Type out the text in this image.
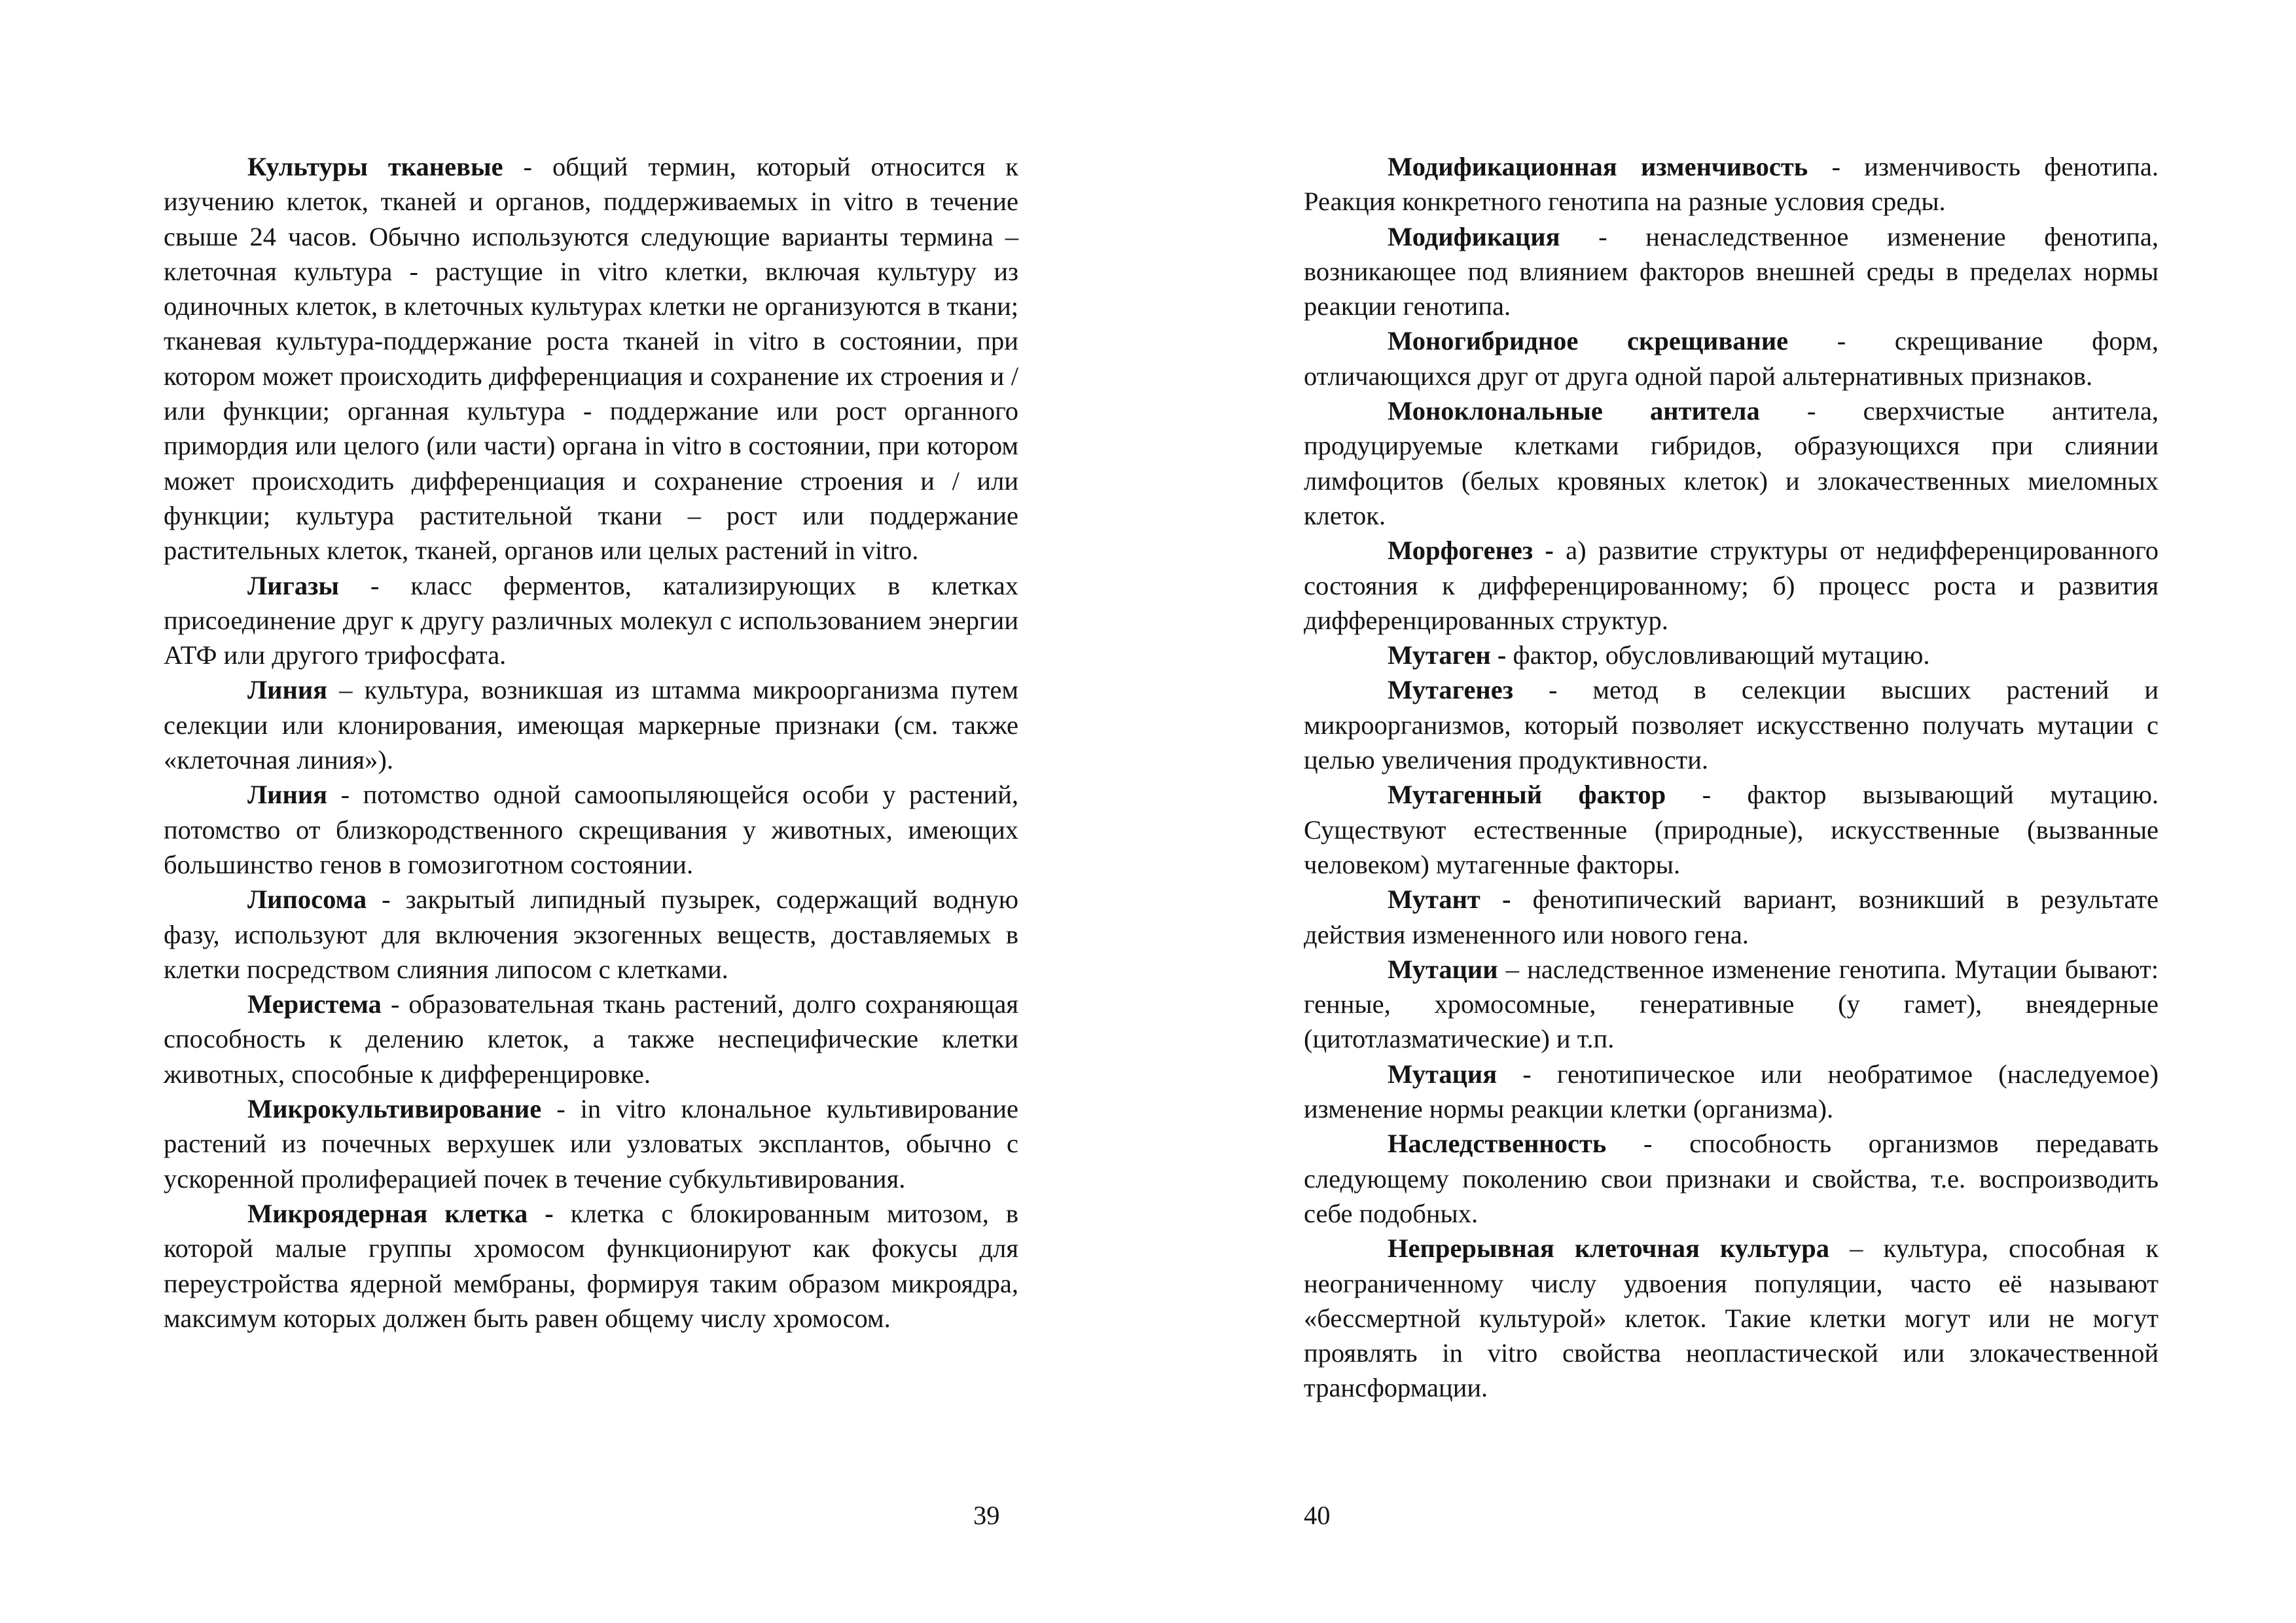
Культуры тканевые - общий термин, который относится к изучению клеток, тканей и органов, поддерживаемых in vitro в течение свыше 24 часов. Обычно используются следующие варианты термина – клеточная культура - растущие in vitro клетки, включая культуру из одиночных клеток, в клеточных культурах клетки не организуются в ткани; тканевая культура-поддержание роста тканей in vitro в состоянии, при котором может происходить дифференциация и сохранение их строения и / или функции; органная культура - поддержание или рост органного примордия или целого (или части) органа in vitro в состоянии, при котором может происходить дифференциация и сохранение строения и / или функции; культура растительной ткани – рост или поддержание растительных клеток, тканей, органов или целых растений in vitro.

Лигазы - класс ферментов, катализирующих в клетках присоединение друг к другу различных молекул с использованием энергии АТФ или другого трифосфата.

Линия – культура, возникшая из штамма микроорганизма путем селекции или клонирования, имеющая маркерные признаки (см. также «клеточная линия»).

Линия - потомство одной самоопыляющейся особи у растений, потомство от близкородственного скрещивания у животных, имеющих большинство генов в гомозиготном состоянии.

Липосома - закрытый липидный пузырек, содержащий водную фазу, используют для включения экзогенных веществ, доставляемых в клетки посредством слияния липосом с клетками.

Меристема - образовательная ткань растений, долго сохраняющая способность к делению клеток, а также неспецифические клетки животных, способные к дифференцировке.

Микрокультивирование - in vitro клональное культивирование растений из почечных верхушек или узловатых эксплантов, обычно с ускоренной пролиферацией почек в течение субкультивирования.

Микроядерная клетка - клетка с блокированным митозом, в которой малые группы хромосом функционируют как фокусы для переустройства ядерной мембраны, формируя таким образом микроядра, максимум которых должен быть равен общему числу хромосом.

Модификационная изменчивость - изменчивость фенотипа. Реакция конкретного генотипа на разные условия среды.

Модификация - ненаследственное изменение фенотипа, возникающее под влиянием факторов внешней среды в пределах нормы реакции генотипа.

Моногибридное скрещивание - скрещивание форм, отличающихся друг от друга одной парой альтернативных признаков.

Моноклональные антитела - сверхчистые антитела, продуцируемые клетками гибридов, образующихся при слиянии лимфоцитов (белых кровяных клеток) и злокачественных миеломных клеток.

Морфогенез - а) развитие структуры от недифференцированного состояния к дифференцированному; б) процесс роста и развития дифференцированных структур.

Мутаген - фактор, обусловливающий мутацию.

Мутагенез - метод в селекции высших растений и микроорганизмов, который позволяет искусственно получать мутации с целью увеличения продуктивности.

Мутагенный фактор - фактор вызывающий мутацию. Существуют естественные (природные), искусственные (вызванные человеком) мутагенные факторы.

Мутант - фенотипический вариант, возникший в результате действия измененного или нового гена.

Мутации – наследственное изменение генотипа. Мутации бывают: генные, хромосомные, генеративные (у гамет), внеядерные (цитотлазматические) и т.п.

Мутация - генотипическое или необратимое (наследуемое) изменение нормы реакции клетки (организма).

Наследственность - способность организмов передавать следующему поколению свои признаки и свойства, т.е. воспроизводить себе подобных.

Непрерывная клеточная культура – культура, способная к неограниченному числу удвоения популяции, часто её называют «бессмертной культурой» клеток. Такие клетки могут или не могут проявлять in vitro свойства неопластической или злокачественной трансформации.

39	40
